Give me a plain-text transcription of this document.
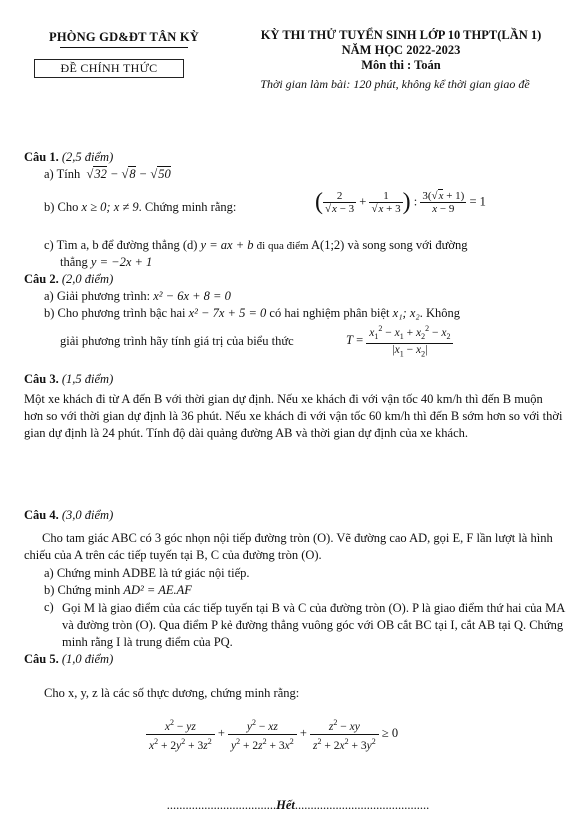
PHÒNG GD&ĐT TÂN KỲ
ĐỀ CHÍNH THỨC
KỲ THI THỬ TUYỂN SINH LỚP 10 THPT(LẦN 1)
NĂM HỌC 2022-2023
Môn thi : Toán
Thời gian làm bài: 120 phút, không kể thời gian giao đề
Câu 1. (2,5 điểm)
a) Tính  √32 − √8 − √50
b) Cho x ≥ 0; x ≠ 9. Chứng minh rằng:	( $\frac{2}{√x - 3} + \frac{1}{√x + 3}$ ) : $\frac{3(√x + 1)}{x - 9} = 1$
c) Tìm a, b để đường thẳng (d) y = ax + b đi qua điểm A(1;2) và song song với đường
thẳng y = −2x + 1
Câu 2. (2,0 điểm)
a) Giải phương trình: x² − 6x + 8 = 0
b) Cho phương trình bậc hai x² − 7x + 5 = 0 có hai nghiệm phân biệt x₁; x₂. Không
giải phương trình hãy tính giá trị của biểu thức	$T = \frac{x_1^2 - x_1 + x_2^2 - x_2}{|x_1 - x_2|}$
Câu 3. (1,5 điểm)
Một xe khách đi từ A đến B với thời gian dự định. Nếu xe khách đi với vận tốc 40 km/h thì đến B muộn hơn so với thời gian dự định là 36 phút. Nếu xe khách đi với vận tốc 60 km/h thì đến B sớm hơn so với thời gian dự định là 24 phút. Tính độ dài quảng đường AB và thời gian dự định của xe khách.
Câu 4. (3,0 điểm)
Cho tam giác ABC có 3 góc nhọn nội tiếp đường tròn (O). Vẽ đường cao AD, gọi E, F lần lượt là hình chiếu của A trên các tiếp tuyến tại B, C của đường tròn (O).
a) Chứng minh ADBE là tứ giác nội tiếp.
b) Chứng minh AD² = AE.AF
c) Gọi M là giao điểm của các tiếp tuyến tại B và C của đường tròn (O). P là giao điểm thứ hai của MA và đường tròn (O). Qua điểm P kẻ đường thẳng vuông góc với OB cắt BC tại I, cắt AB tại Q. Chứng minh rằng I là trung điểm của PQ.
Câu 5. (1,0 điểm)
Cho x, y, z là các số thực dương, chứng minh rằng:
$\frac{x^2 - yz}{x^2 + 2y^2 + 3z^2} + \frac{y^2 - xz}{y^2 + 2z^2 + 3x^2} + \frac{z^2 - xy}{z^2 + 2x^2 + 3y^2} \ge 0$
...................................Hết...........................................
